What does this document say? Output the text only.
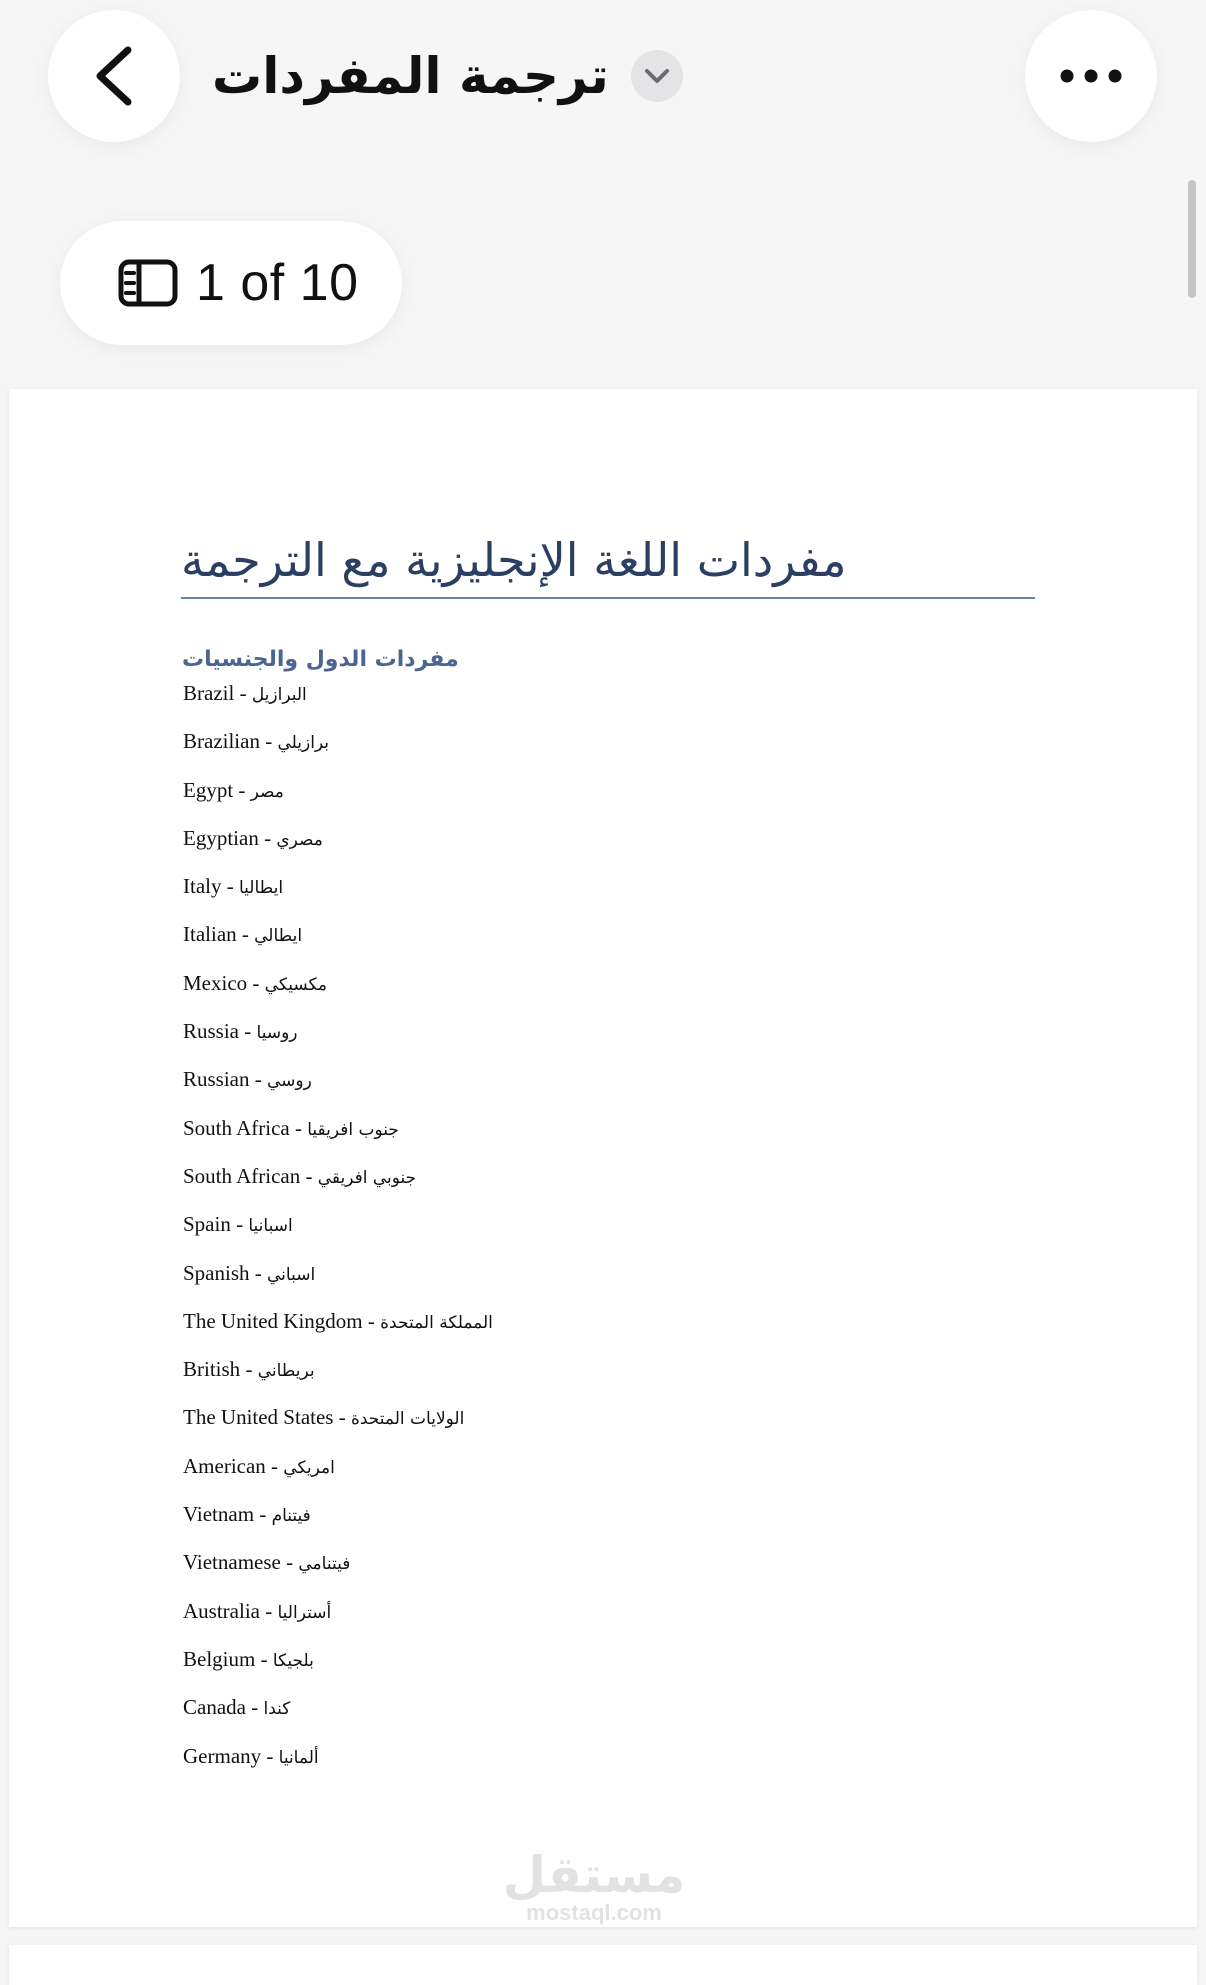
ترجمة المفردات
1 of 10
مفردات اللغة الإنجليزية مع الترجمة
مفردات الدول والجنسيات
Brazil - البرازيل
Brazilian - برازيلي
Egypt - مصر
Egyptian - مصري
Italy - ايطاليا
Italian - ايطالي
Mexico - مكسيكي
Russia - روسيا
Russian - روسي
South Africa - جنوب افريقيا
South African - جنوبي افريقي
Spain - اسبانيا
Spanish - اسباني
The United Kingdom - المملكة المتحدة
British - بريطاني
The United States - الولايات المتحدة
American - امريكي
Vietnam - فيتنام
Vietnamese - فيتنامي
Australia - أستراليا
Belgium - بلجيكا
Canada - كندا
Germany - ألمانيا
مستقل
mostaql.com
